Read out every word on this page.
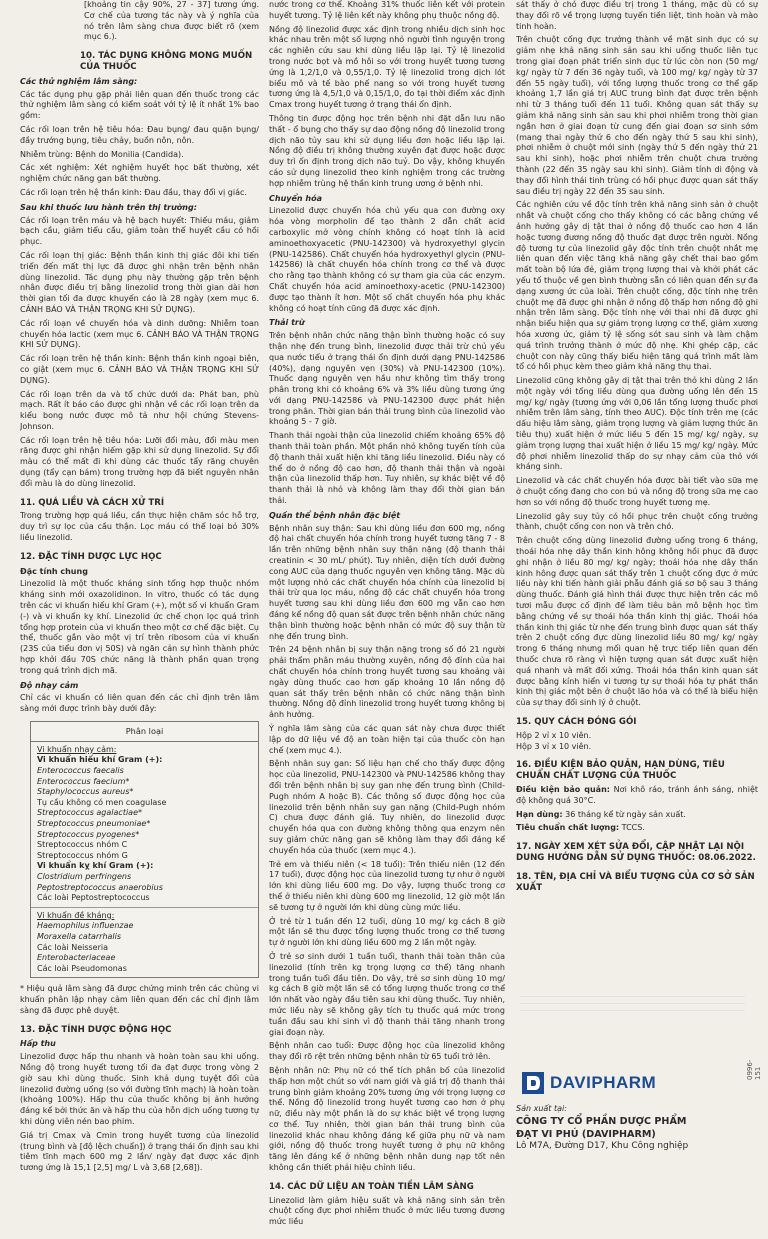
[khoảng tin cậy 90%, 27 - 37] tương ứng. Cơ chế của tương tác này và ý nghĩa của nó trên lâm sàng chưa được biết rõ (xem mục 6.).

10. TÁC DỤNG KHÔNG MONG MUỐN CỦA THUỐC
Các thử nghiệm lâm sàng:

Các tác dụng phụ gặp phải liên quan đến thuốc trong các thử nghiệm lâm sàng có kiểm soát với tỷ lệ ít nhất 1% bao gồm:

Các rối loạn trên hệ tiêu hóa: Đau bụng/ đau quặn bụng/ đầy trướng bụng, tiêu chảy, buồn nôn, nôn.

Nhiễm trùng: Bệnh do Monilia (Candida).

Các xét nghiệm: Xét nghiệm huyết học bất thường, xét nghiệm chức năng gan bất thường.

Các rối loạn trên hệ thần kinh: Đau đầu, thay đổi vị giác.

Sau khi thuốc lưu hành trên thị trường:

Các rối loạn trên máu và hệ bạch huyết: Thiếu máu, giảm bạch cầu, giảm tiểu cầu, giảm toàn thể huyết cầu có hồi phục.

Các rối loạn thị giác: Bệnh thần kinh thị giác đôi khi tiến triển đến mất thị lực đã được ghi nhận trên bệnh nhân dùng linezolid. Tác dụng phụ này thường gặp trên bệnh nhân được điều trị bằng linezolid trong thời gian dài hơn thời gian tối đa được khuyến cáo là 28 ngày (xem mục 6. CẢNH BÁO VÀ THẬN TRỌNG KHI SỬ DỤNG).

Các rối loạn về chuyển hóa và dinh dưỡng: Nhiễm toan chuyển hóa lactic (xem mục 6. CẢNH BÁO VÀ THẬN TRỌNG KHI SỬ DỤNG).

Các rối loạn trên hệ thần kinh: Bệnh thần kinh ngoại biên, co giật (xem mục 6. CẢNH BÁO VÀ THẬN TRỌNG KHI SỬ DỤNG).

Các rối loạn trên da và tổ chức dưới da: Phát ban, phù mạch. Rất ít báo cáo được ghi nhận về các rối loạn trên da kiểu bong nước được mô tả như hội chứng Stevens-Johnson.

Các rối loạn trên hệ tiêu hóa: Lưỡi đổi màu, đổi màu men răng được ghi nhận hiếm gặp khi sử dụng linezolid. Sự đổi màu có thể mất đi khi dùng các thuốc tẩy răng chuyên dụng (tẩy cạn bám) trong trường hợp đã biết nguyên nhân đổi màu là do dùng linezolid.

11. QUÁ LIỀU VÀ CÁCH XỬ TRÍ

Trong trường hợp quá liều, cần thực hiện chăm sóc hỗ trợ, duy trì sự lọc của cầu thận. Lọc máu có thể loại bỏ 30% liều linezolid.

12. ĐẶC TÍNH DƯỢC LỰC HỌC
Đặc tính chung

Linezolid là một thuốc kháng sinh tổng hợp thuộc nhóm kháng sinh mới oxazolidinon. In vitro, thuốc có tác dụng trên các vi khuẩn hiếu khí Gram (+), một số vi khuẩn Gram (-) và vi khuẩn kỵ khí. Linezolid ức chế chọn lọc quá trình tổng hợp protein của vi khuẩn theo một cơ chế đặc biệt. Cụ thể, thuốc gắn vào một vị trí trên ribosom của vi khuẩn (23S của tiểu đơn vị 50S) và ngăn cản sự hình thành phức hợp khởi đầu 70S chức năng là thành phần quan trọng trong quá trình dịch mã.

Độ nhạy cảm

Chỉ các vi khuẩn có liên quan đến các chỉ định trên lâm sàng mới được trình bày dưới đây:

Phân loại
Vi khuẩn nhạy cảm:
Vi khuẩn hiếu khí Gram (+):
Enterococcus faecalis
Enterococcus faecium*
Staphylococcus aureus*
Tụ cầu không có men coagulase
Streptococcus agalactiae*
Streptococcus pneumoniae*
Streptococcus pyogenes*
Streptococcus nhóm C
Streptococcus nhóm G
Vi khuẩn kỵ khí Gram (+):
Clostridium perfringens
Peptostreptococcus anaerobius
Các loài Peptostreptococcus
Vi khuẩn đề kháng:
Haemophilus influenzae
Moraxella catarrhalis
Các loài Neisseria
Enterobacteriaceae
Các loài Pseudomonas

* Hiệu quả lâm sàng đã được chứng minh trên các chủng vi khuẩn phân lập nhạy cảm liên quan đến các chỉ định lâm sàng đã được phê duyệt.

13. ĐẶC TÍNH DƯỢC ĐỘNG HỌC
Hấp thu

Linezolid được hấp thu nhanh và hoàn toàn sau khi uống. Nồng độ trong huyết tương tối đa đạt được trong vòng 2 giờ sau khi dùng thuốc. Sinh khả dụng tuyệt đối của linezolid đường uống (so với đường tĩnh mạch) là hoàn toàn (khoảng 100%). Hấp thu của thuốc không bị ảnh hưởng đáng kể bởi thức ăn và hấp thu của hỗn dịch uống tương tự khi dùng viên nén bao phim.

Giá trị Cmax và Cmin trong huyết tương của linezolid (trung bình và [độ lệch chuẩn]) ở trạng thái ổn định sau khi tiêm tĩnh mạch 600 mg 2 lần/ ngày đạt được xác định tương ứng là 15,1 [2,5] mg/ L và 3,68 [2,68]).

nước trong cơ thể. Khoảng 31% thuốc liên kết với protein huyết tương. Tỷ lệ liên kết này không phụ thuộc nồng độ.

Nồng độ linezolid được xác định trong nhiều dịch sinh học khác nhau trên một số lượng nhỏ người tình nguyện trong các nghiên cứu sau khi dùng liều lặp lại. Tỷ lệ linezolid trong nước bọt và mồ hôi so với trong huyết tương tương ứng là 1,2/1,0 và 0,55/1,0. Tỷ lệ linezolid trong dịch lót biểu mô và tế bào phế nang so với trong huyết tương tương ứng là 4,5/1,0 và 0,15/1,0, đo tại thời điểm xác định Cmax trong huyết tương ở trạng thái ổn định.

Thông tin được động học trên bệnh nhi đặt dẫn lưu não thất - ổ bụng cho thấy sự dao động nồng độ linezolid trong dịch não tủy sau khi sử dụng liều đơn hoặc liều lặp lại. Nồng độ điều trị không thường xuyên đạt được hoặc được duy trì ổn định trong dịch não tuỷ. Do vậy, không khuyến cáo sử dụng linezolid theo kinh nghiệm trong các trường hợp nhiễm trùng hệ thần kinh trung ương ở bệnh nhi.

Chuyển hóa

Linezolid được chuyển hóa chủ yếu qua con đường oxy hóa vòng morpholin để tạo thành 2 dẫn chất acid carboxylic mở vòng chính không có hoạt tính là acid aminoethoxyacetic (PNU-142300) và hydroxyethyl glycin (PNU-142586). Chất chuyển hóa hydroxyethyl glycin (PNU-142586) là chất chuyển hóa chính trong cơ thể và được cho rằng tạo thành không có sự tham gia của các enzym. Chất chuyển hóa acid aminoethoxy-acetic (PNU-142300) được tạo thành ít hơn. Một số chất chuyển hóa phụ khác không có hoạt tính cũng đã được xác định.

Thải trừ

Trên bệnh nhân chức năng thận bình thường hoặc có suy thận nhẹ đến trung bình, linezolid được thải trừ chủ yếu qua nước tiểu ở trạng thái ổn định dưới dạng PNU-142586 (40%), dạng nguyên vẹn (30%) và PNU-142300 (10%). Thuốc dạng nguyên vẹn hầu như không tìm thấy trong phân trong khi có khoảng 6% và 3% liều dùng tương ứng với dạng PNU-142586 và PNU-142300 được phát hiện trong phân. Thời gian bán thải trung bình của linezolid vào khoảng 5 - 7 giờ.

Thanh thải ngoài thận của linezolid chiếm khoảng 65% độ thanh thải toàn phần. Một phần nhỏ không tuyến tính của độ thanh thải xuất hiện khi tăng liều linezolid. Điều này có thể do ở nồng độ cao hơn, độ thanh thải thận và ngoài thận của linezolid thấp hơn. Tuy nhiên, sự khác biệt về độ thanh thải là nhỏ và không làm thay đổi thời gian bán thải.

Quần thể bệnh nhân đặc biệt

Bệnh nhân suy thận: Sau khi dùng liều đơn 600 mg, nồng độ hai chất chuyển hóa chính trong huyết tương tăng 7 - 8 lần trên những bệnh nhân suy thận nặng (độ thanh thải creatinin < 30 mL/ phút). Tuy nhiên, diện tích dưới đường cong AUC của dạng thuốc nguyên vẹn không tăng. Mặc dù một lượng nhỏ các chất chuyển hóa chính của linezolid bị thải trừ qua lọc máu, nồng độ các chất chuyển hóa trong huyết tương sau khi dùng liều đơn 600 mg vẫn cao hơn đáng kể nồng độ quan sát được trên bệnh nhân chức năng thận bình thường hoặc bệnh nhân có mức độ suy thận từ nhẹ đến trung bình.

Trên 24 bệnh nhân bị suy thận nặng trong số đó 21 người phải thẩm phân máu thường xuyên, nồng độ đỉnh của hai chất chuyển hóa chính trong huyết tương sau khoảng vài ngày dùng thuốc cao hơn gấp khoảng 10 lần nồng độ quan sát thấy trên bệnh nhân có chức năng thận bình thường. Nồng độ đỉnh linezolid trong huyết tương không bị ảnh hưởng.

Ý nghĩa lâm sàng của các quan sát này chưa được thiết lập do dữ liệu về độ an toàn hiện tại của thuốc còn hạn chế (xem mục 4.).

Bệnh nhân suy gan: Số liệu hạn chế cho thấy được động học của linezolid, PNU-142300 và PNU-142586 không thay đổi trên bệnh nhân bị suy gan nhẹ đến trung bình (Child-Pugh nhóm A hoặc B). Các thông số được động học của linezolid trên bệnh nhân suy gan nặng (Child-Pugh nhóm C) chưa được đánh giá. Tuy nhiên, do linezolid được chuyển hóa qua con đường không thông qua enzym nên suy giảm chức năng gan sẽ không làm thay đổi đáng kể chuyển hóa của thuốc (xem mục 4.).

Trẻ em và thiếu niên (< 18 tuổi): Trên thiếu niên (12 đến 17 tuổi), được động học của linezolid tương tự như ở người lớn khi dùng liều 600 mg. Do vậy, lượng thuốc trong cơ thể ở thiếu niên khi dùng 600 mg linezolid, 12 giờ một lần sẽ tương tự ở người lớn khi dùng cùng mức liều.

Ở trẻ từ 1 tuần đến 12 tuổi, dùng 10 mg/ kg cách 8 giờ một lần sẽ thu được tổng lượng thuốc trong cơ thể tương tự ở người lớn khi dùng liều 600 mg 2 lần một ngày.

Ở trẻ sơ sinh dưới 1 tuần tuổi, thanh thải toàn thân của linezolid (tính trên kg trọng lượng cơ thể) tăng nhanh trong tuần tuổi đầu tiên. Do vậy, trẻ sơ sinh dùng 10 mg/ kg cách 8 giờ một lần sẽ có tổng lượng thuốc trong cơ thể lớn nhất vào ngày đầu tiên sau khi dùng thuốc. Tuy nhiên, mức liều này sẽ không gây tích tụ thuốc quá mức trong tuần đầu sau khi sinh vì độ thanh thải tăng nhanh trong giai đoạn này.

Bệnh nhân cao tuổi: Được động học của linezolid không thay đổi rõ rệt trên những bệnh nhân từ 65 tuổi trở lên.

Bệnh nhân nữ: Phụ nữ có thể tích phân bố của linezolid thấp hơn một chút so với nam giới và giá trị độ thanh thải trung bình giảm khoảng 20% tương ứng với trọng lượng cơ thể. Nồng độ linezolid trong huyết tương cao hơn ở phụ nữ, điều này một phần là do sự khác biệt về trọng lượng cơ thể. Tuy nhiên, thời gian bán thải trung bình của linezolid khác nhau không đáng kể giữa phụ nữ và nam giới, nồng độ thuốc trong huyết tương ở phụ nữ không tăng lên đáng kể ở những bệnh nhân dung nạp tốt nên không cần thiết phải hiệu chỉnh liều.

14. CÁC DỮ LIỆU AN TOÀN TIỀN LÂM SÀNG

Linezolid làm giảm hiệu suất và khả năng sinh sản trên chuột cống đực phơi nhiễm thuốc ở mức liều tương đương mức liều

sát thấy ở chó được điều trị trong 1 tháng, mặc dù có sự thay đổi rõ về trọng lượng tuyến tiền liệt, tinh hoàn và mào tinh hoàn.

Trên chuột cống đực trưởng thành về mặt sinh dục có sự giảm nhẹ khả năng sinh sản sau khi uống thuốc liên tục trong giai đoạn phát triển sinh dục từ lúc còn non (50 mg/ kg/ ngày từ 7 đến 36 ngày tuổi, và 100 mg/ kg/ ngày từ 37 đến 55 ngày tuổi), với tổng lượng thuốc trong cơ thể gấp khoảng 1,7 lần giá trị AUC trung bình đạt được trên bệnh nhi từ 3 tháng tuổi đến 11 tuổi. Không quan sát thấy sự giảm khả năng sinh sản sau khi phơi nhiễm trong thời gian ngắn hơn ở giai đoạn từ cung đến giai đoạn sơ sinh sớm (mang thai ngày thứ 6 cho đến ngày thứ 5 sau khi sinh), phơi nhiễm ở chuột mới sinh (ngày thứ 5 đến ngày thứ 21 sau khi sinh), hoặc phơi nhiễm trên chuột chưa trưởng thành (22 đến 35 ngày sau khi sinh). Giảm tính di động và thay đổi hình thái tinh trùng có hồi phục được quan sát thấy sau điều trị ngày 22 đến 35 sau sinh.

Các nghiên cứu về độc tính trên khả năng sinh sản ở chuột nhắt và chuột cống cho thấy không có các bằng chứng về ảnh hưởng gây dị tật thai ở nồng độ thuốc cao hơn 4 lần hoặc tương đương nồng độ thuốc đạt được trên người. Nồng độ tương tự của linezolid gây độc tính trên chuột nhắt mẹ liên quan đến việc tăng khả năng gây chết thai bao gồm mất toàn bộ lứa đẻ, giảm trọng lượng thai và khởi phát các yếu tố thuộc về gen bình thường sẵn có liên quan đến sự đa dạng xương ức của loài. Trên chuột cống, độc tính nhẹ trên chuột mẹ đã được ghi nhận ở nồng độ thấp hơn nồng độ ghi nhận trên lâm sàng. Độc tính nhẹ với thai nhi đã được ghi nhận biểu hiện qua sự giảm trọng lượng cơ thể, giảm xương hóa xương ức, giảm tỷ lệ sống sót sau sinh và làm chậm quá trình trưởng thành ở mức độ nhẹ. Khi ghép cặp, các chuột con này cũng thấy biểu hiện tăng quá trình mất làm tổ có hồi phục kèm theo giảm khả năng thụ thai.

Linezolid cũng không gây dị tật thai trên thỏ khi dùng 2 lần một ngày với tổng liều dùng qua đường uống lên đến 15 mg/ kg/ ngày (tương ứng với 0,06 lần tổng lượng thuốc phơi nhiễm trên lâm sàng, tính theo AUC). Độc tính trên mẹ (các dấu hiệu lâm sàng, giảm trọng lượng và giảm lượng thức ăn tiêu thụ) xuất hiện ở mức liều 5 đến 15 mg/ kg/ ngày, sự giảm trọng lượng thai xuất hiện ở liều 15 mg/ kg/ ngày. Mức độ phơi nhiễm linezolid thấp do sự nhạy cảm của thỏ với kháng sinh.

Linezolid và các chất chuyển hóa được bài tiết vào sữa mẹ ở chuột cống đang cho con bú và nồng độ trong sữa mẹ cao hơn so với nồng độ thuốc trong huyết tương mẹ.

Linezolid gây suy tủy có hồi phục trên chuột cống trưởng thành, chuột cống con non và trên chó.

Trên chuột cống dùng linezolid đường uống trong 6 tháng, thoái hóa nhẹ dây thần kinh hông không hồi phục đã được ghi nhận ở liều 80 mg/ kg/ ngày; thoái hóa nhẹ dây thần kinh hông được quan sát thấy trên 1 chuột cống đực ở mức liều này khi tiến hành giải phẫu đánh giá sơ bộ sau 3 tháng dùng thuốc. Đánh giá hình thái được thực hiện trên các mô tươi mẫu được cố định để làm tiêu bản mô bệnh học tìm bằng chứng về sự thoái hóa thần kinh thị giác. Thoái hóa thần kinh thị giác từ nhẹ đến trung bình được quan sát thấy trên 2 chuột cống đực dùng linezolid liều 80 mg/ kg/ ngày trong 6 tháng nhưng mối quan hệ trực tiếp liên quan đến thuốc chưa rõ ràng vì hiện tượng quan sát được xuất hiện quá nhanh và mất đối xứng. Thoái hóa thần kinh quan sát được bằng kính hiển vi tương tự sự thoái hóa tự phát thần kinh thị giác một bên ở chuột lão hóa và có thể là biểu hiện của sự thay đổi sinh lý ở chuột.

15. QUY CÁCH ĐÓNG GÓI
Hộp 2 vỉ x 10 viên.
Hộp 3 vỉ x 10 viên.
16. ĐIỀU KIỆN BẢO QUẢN, HẠN DÙNG, TIÊU CHUẨN CHẤT LƯỢNG CỦA THUỐC

Điều kiện bảo quản: Nơi khô ráo, tránh ánh sáng, nhiệt độ không quá 30°C.

Hạn dùng: 36 tháng kể từ ngày sản xuất.

Tiêu chuẩn chất lượng: TCCS.

17. NGÀY XEM XÉT SỬA ĐỔI, CẬP NHẬT LẠI NỘI DUNG HƯỚNG DẪN SỬ DỤNG THUỐC: 08.06.2022.
18. TÊN, ĐỊA CHỈ VÀ BIỂU TƯỢNG CỦA CƠ SỞ SẢN XUẤT
DAVIPHARM
Sản xuất tại:
CÔNG TY CỔ PHẦN DƯỢC PHẨM
ĐẠT VI PHÚ (DAVIPHARM)
Lô M7A, Đường D17, Khu Công nghiệp
0996-151
